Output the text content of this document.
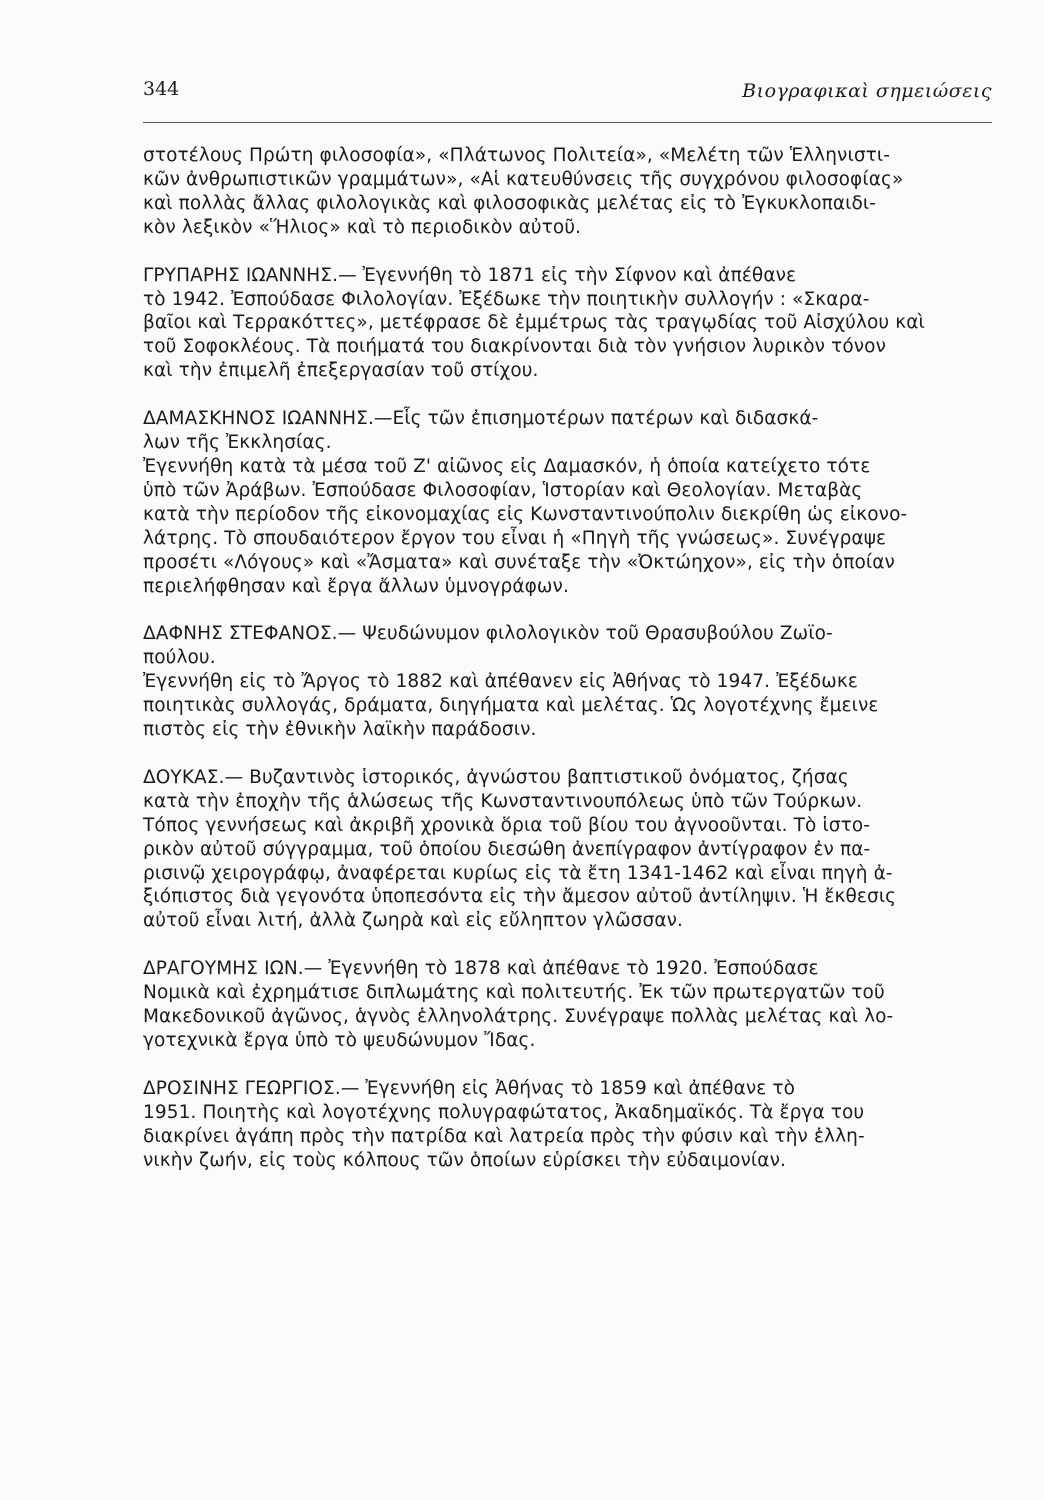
344	Βιογραφικαὶ σημειώσεις
στοτέλους Πρώτη φιλοσοφία», «Πλάτωνος Πολιτεία», «Μελέτη τῶν Ἑλληνιστι-
κῶν ἀνθρωπιστικῶν γραμμάτων», «Αἱ κατευθύνσεις τῆς συγχρόνου φιλοσοφίας»
καὶ πολλὰς ἄλλας φιλολογικὰς καὶ φιλοσοφικὰς μελέτας εἰς τὸ Ἐγκυκλοπαιδι-
κὸν λεξικὸν «Ἥλιος» καὶ τὸ περιοδικὸν αὐτοῦ.
ΓΡΥΠΑΡΗΣ ΙΩΑΝΝΗΣ.— Ἐγεννήθη τὸ 1871 εἰς τὴν Σίφνον καὶ ἀπέθανε
τὸ 1942. Ἐσπούδασε Φιλολογίαν. Ἐξέδωκε τὴν ποιητικὴν συλλογήν : «Σκαρα-
βαῖοι καὶ Τερρακόττες», μετέφρασε δὲ ἐμμέτρως τὰς τραγῳδίας τοῦ Αἰσχύλου καὶ
τοῦ Σοφοκλέους. Τὰ ποιήματά του διακρίνονται διὰ τὸν γνήσιον λυρικὸν τόνον
καὶ τὴν ἐπιμελῆ ἐπεξεργασίαν τοῦ στίχου.
ΔΑΜΑΣΚΗΝΟΣ ΙΩΑΝΝΗΣ.—Εἷς τῶν ἐπισημοτέρων πατέρων καὶ διδασκά-
λων τῆς Ἐκκλησίας.
Ἐγεννήθη κατὰ τὰ μέσα τοῦ Ζ' αἰῶνος εἰς Δαμασκόν, ἡ ὁποία κατείχετο τότε
ὑπὸ τῶν Ἀράβων. Ἐσπούδασε Φιλοσοφίαν, Ἱστορίαν καὶ Θεολογίαν. Μεταβὰς
κατὰ τὴν περίοδον τῆς εἰκονομαχίας εἰς Κωνσταντινούπολιν διεκρίθη ὡς εἰκονο-
λάτρης. Τὸ σπουδαιότερον ἔργον του εἶναι ἡ «Πηγὴ τῆς γνώσεως». Συνέγραψε
προσέτι «Λόγους» καὶ «Ἄσματα» καὶ συνέταξε τὴν «Ὀκτώηχον», εἰς τὴν ὁποίαν
περιελήφθησαν καὶ ἔργα ἄλλων ὑμνογράφων.
ΔΑΦΝΗΣ ΣΤΕΦΑΝΟΣ.— Ψευδώνυμον φιλολογικὸν τοῦ Θρασυβούλου Ζωϊο-
πούλου.
Ἐγεννήθη εἰς τὸ Ἄργος τὸ 1882 καὶ ἀπέθανεν εἰς Ἀθήνας τὸ 1947. Ἐξέδωκε
ποιητικὰς συλλογάς, δράματα, διηγήματα καὶ μελέτας. Ὡς λογοτέχνης ἔμεινε
πιστὸς εἰς τὴν ἐθνικὴν λαϊκὴν παράδοσιν.
ΔΟΥΚΑΣ.— Βυζαντινὸς ἱστορικός, ἀγνώστου βαπτιστικοῦ ὀνόματος, ζήσας
κατὰ τὴν ἐποχὴν τῆς ἁλώσεως τῆς Κωνσταντινουπόλεως ὑπὸ τῶν Τούρκων.
Τόπος γεννήσεως καὶ ἀκριβῆ χρονικὰ ὅρια τοῦ βίου του ἀγνοοῦνται. Τὸ ἱστο-
ρικὸν αὐτοῦ σύγγραμμα, τοῦ ὁποίου διεσώθη ἀνεπίγραφον ἀντίγραφον ἐν πα-
ρισινῷ χειρογράφῳ, ἀναφέρεται κυρίως εἰς τὰ ἔτη 1341-1462 καὶ εἶναι πηγὴ ἀ-
ξιόπιστος διὰ γεγονότα ὑποπεσόντα εἰς τὴν ἄμεσον αὐτοῦ ἀντίληψιν. Ἡ ἔκθεσις
αὐτοῦ εἶναι λιτή, ἀλλὰ ζωηρὰ καὶ εἰς εὔληπτον γλῶσσαν.
ΔΡΑΓΟΥΜΗΣ ΙΩΝ.— Ἐγεννήθη τὸ 1878 καὶ ἀπέθανε τὸ 1920. Ἐσπούδασε
Νομικὰ καὶ ἐχρημάτισε διπλωμάτης καὶ πολιτευτής. Ἐκ τῶν πρωτεργατῶν τοῦ
Μακεδονικοῦ ἀγῶνος, ἁγνὸς ἑλληνολάτρης. Συνέγραψε πολλὰς μελέτας καὶ λο-
γοτεχνικὰ ἔργα ὑπὸ τὸ ψευδώνυμον Ἴδας.
ΔΡΟΣΙΝΗΣ ΓΕΩΡΓΙΟΣ.— Ἐγεννήθη εἰς Ἀθήνας τὸ 1859 καὶ ἀπέθανε τὸ
1951. Ποιητὴς καὶ λογοτέχνης πολυγραφώτατος, Ἀκαδημαϊκός. Τὰ ἔργα του
διακρίνει ἀγάπη πρὸς τὴν πατρίδα καὶ λατρεία πρὸς τὴν φύσιν καὶ τὴν ἑλλη-
νικὴν ζωήν, εἰς τοὺς κόλπους τῶν ὁποίων εὑρίσκει τὴν εὐδαιμονίαν.
